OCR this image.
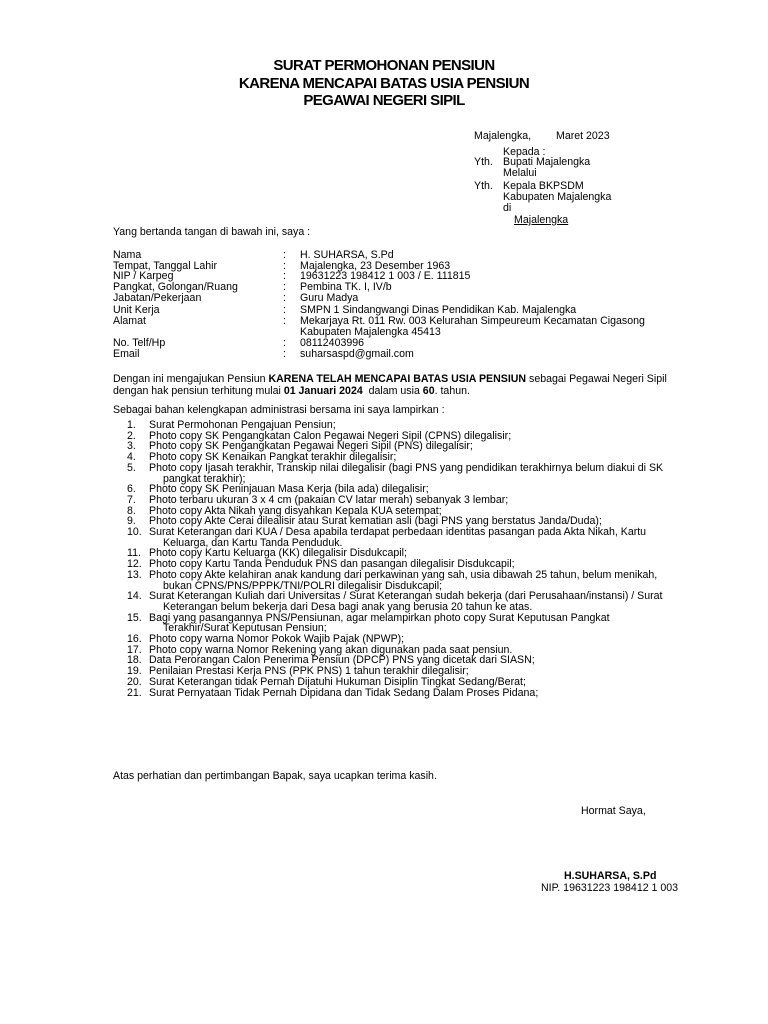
SURAT PERMOHONAN PENSIUN
KARENA MENCAPAI BATAS USIA PENSIUN
PEGAWAI NEGERI SIPIL
Majalengka, Maret 2023
Kepada :
Yth. Bupati Majalengka
Melalui
Yth. Kepala BKPSDM
Kabupaten Majalengka
di
Majalengka
Yang bertanda tangan di bawah ini, saya :
Nama	: H. SUHARSA, S.Pd
Tempat, Tanggal Lahir	: Majalengka, 23 Desember 1963
NIP / Karpeg	: 19631223 198412 1 003 / E. 111815
Pangkat, Golongan/Ruang	: Pembina TK. I, IV/b
Jabatan/Pekerjaan	: Guru Madya
Unit Kerja	: SMPN 1 Sindangwangi Dinas Pendidikan Kab. Majalengka
Alamat	: Mekarjaya Rt. 011 Rw. 003 Kelurahan Simpeureum Kecamatan Cigasong
Kabupaten Majalengka 45413
No. Telf/Hp	: 08112403996
Email	: suharsaspd@gmail.com
Dengan ini mengajukan Pensiun KARENA TELAH MENCAPAI BATAS USIA PENSIUN sebagai Pegawai Negeri Sipil
dengan hak pensiun terhitung mulai 01 Januari 2024  dalam usia 60. tahun.
Sebagai bahan kelengkapan administrasi bersama ini saya lampirkan :
1.	Surat Permohonan Pengajuan Pensiun;
2.	Photo copy SK Pengangkatan Calon Pegawai Negeri Sipil (CPNS) dilegalisir;
3.	Photo copy SK Pengangkatan Pegawai Negeri Sipil (PNS) dilegalisir;
4.	Photo copy SK Kenaikan Pangkat terakhir dilegalisir;
5.	Photo copy Ijasah terakhir, Transkip nilai dilegalisir (bagi PNS yang pendidikan terakhirnya belum diakui di SK
pangkat terakhir);
6.	Photo copy SK Peninjauan Masa Kerja (bila ada) dilegalisir;
7.	Photo terbaru ukuran 3 x 4 cm (pakaian CV latar merah) sebanyak 3 lembar;
8.	Photo copy Akta Nikah yang disyahkan Kepala KUA setempat;
9.	Photo copy Akte Cerai dilealisir atau Surat kematian asli (bagi PNS yang berstatus Janda/Duda);
10. Surat Keterangan dari KUA / Desa apabila terdapat perbedaan identitas pasangan pada Akta Nikah, Kartu
Keluarga, dan Kartu Tanda Penduduk.
11. Photo copy Kartu Keluarga (KK) dilegalisir Disdukcapil;
12. Photo copy Kartu Tanda Penduduk PNS dan pasangan dilegalisir Disdukcapil;
13. Photo copy Akte kelahiran anak kandung dari perkawinan yang sah, usia dibawah 25 tahun, belum menikah,
bukan CPNS/PNS/PPPK/TNI/POLRI dilegalisir Disdukcapil;
14. Surat Keterangan Kuliah dari Universitas / Surat Keterangan sudah bekerja (dari Perusahaan/instansi) / Surat
Keterangan belum bekerja dari Desa bagi anak yang berusia 20 tahun ke atas.
15. Bagi yang pasangannya PNS/Pensiunan, agar melampirkan photo copy Surat Keputusan Pangkat
Terakhir/Surat Keputusan Pensiun;
16. Photo copy warna Nomor Pokok Wajib Pajak (NPWP);
17. Photo copy warna Nomor Rekening yang akan digunakan pada saat pensiun.
18. Data Perorangan Calon Penerima Pensiun (DPCP) PNS yang dicetak dari SIASN;
19. Penilaian Prestasi Kerja PNS (PPK PNS) 1 tahun terakhir dilegalisir;
20. Surat Keterangan tidak Pernah Dijatuhi Hukuman Disiplin Tingkat Sedang/Berat;
21. Surat Pernyataan Tidak Pernah Dipidana dan Tidak Sedang Dalam Proses Pidana;
Atas perhatian dan pertimbangan Bapak, saya ucapkan terima kasih.
Hormat Saya,
H.SUHARSA, S.Pd
NIP. 19631223 198412 1 003
